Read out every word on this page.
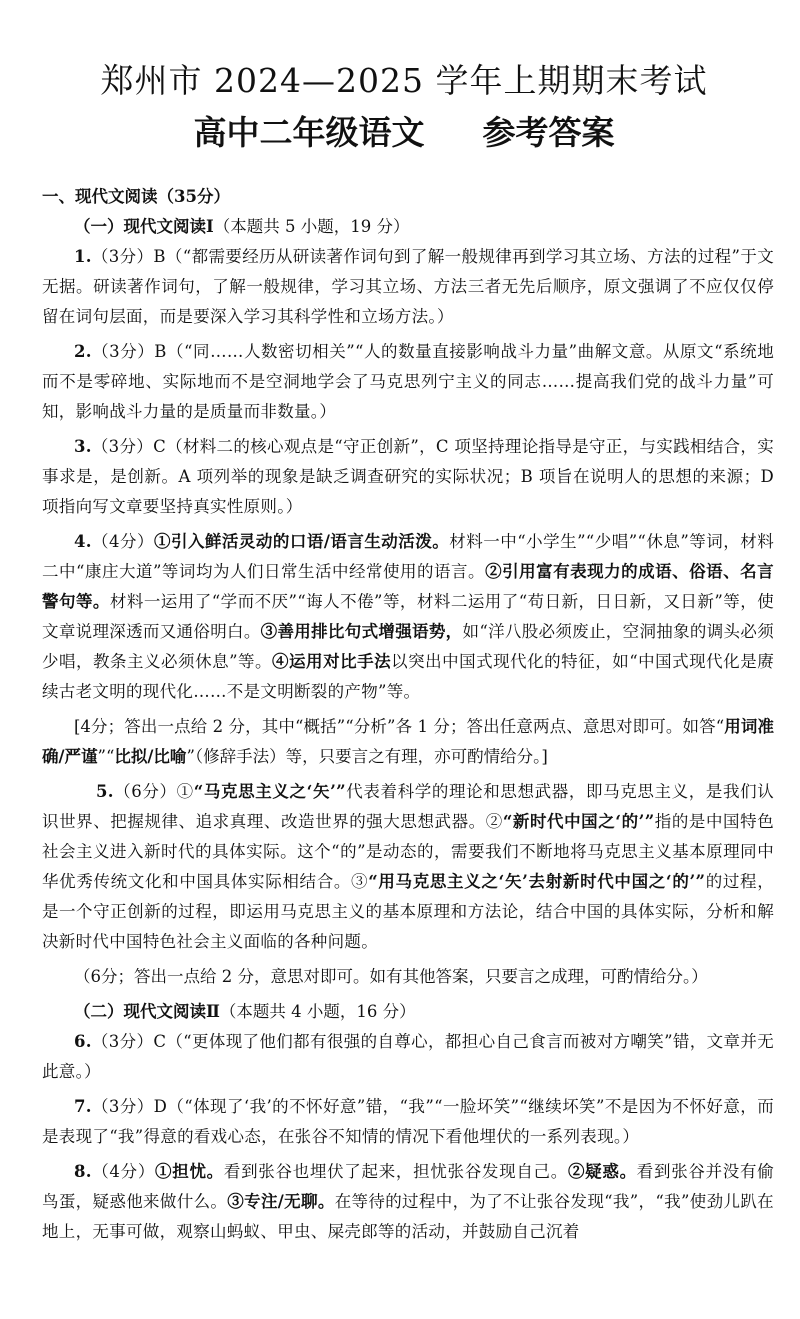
郑州市 2024—2025 学年上期期末考试
高中二年级语文 参考答案

一、现代文阅读（35分）

（一）现代文阅读Ⅰ（本题共 5 小题，19 分）

1.（3分）B（“都需要经历从研读著作词句到了解一般规律再到学习其立场、方法的过程”于文无据。研读著作词句，了解一般规律，学习其立场、方法三者无先后顺序，原文强调了不应仅仅停留在词句层面，而是要深入学习其科学性和立场方法。）

2.（3分）B（“同……人数密切相关”“人的数量直接影响战斗力量”曲解文意。从原文“系统地而不是零碎地、实际地而不是空洞地学会了马克思列宁主义的同志……提高我们党的战斗力量”可知，影响战斗力量的是质量而非数量。）

3.（3分）C（材料二的核心观点是“守正创新”，C 项坚持理论指导是守正，与实践相结合，实事求是，是创新。A 项列举的现象是缺乏调查研究的实际状况；B 项旨在说明人的思想的来源；D 项指向写文章要坚持真实性原则。）

4.（4分）①引入鲜活灵动的口语/语言生动活泼。材料一中“小学生”“少唱”“休息”等词，材料二中“康庄大道”等词均为人们日常生活中经常使用的语言。②引用富有表现力的成语、俗语、名言警句等。材料一运用了“学而不厌”“诲人不倦”等，材料二运用了“苟日新，日日新，又日新”等，使文章说理深透而又通俗明白。③善用排比句式增强语势，如“洋八股必须废止，空洞抽象的调头必须少唱，教条主义必须休息”等。④运用对比手法以突出中国式现代化的特征，如“中国式现代化是赓续古老文明的现代化……不是文明断裂的产物”等。

[4分；答出一点给 2 分，其中“概括”“分析”各 1 分；答出任意两点、意思对即可。如答“用词准确/严谨”“比拟/比喻”（修辞手法）等，只要言之有理，亦可酌情给分。]

5.（6分）①“马克思主义之‘矢’”代表着科学的理论和思想武器，即马克思主义，是我们认识世界、把握规律、追求真理、改造世界的强大思想武器。②“新时代中国之‘的’”指的是中国特色社会主义进入新时代的具体实际。这个“的”是动态的，需要我们不断地将马克思主义基本原理同中华优秀传统文化和中国具体实际相结合。③“用马克思主义之‘矢’去射新时代中国之‘的’”的过程，是一个守正创新的过程，即运用马克思主义的基本原理和方法论，结合中国的具体实际，分析和解决新时代中国特色社会主义面临的各种问题。

（6分；答出一点给 2 分，意思对即可。如有其他答案，只要言之成理，可酌情给分。）

（二）现代文阅读Ⅱ（本题共 4 小题，16 分）

6.（3分）C（“更体现了他们都有很强的自尊心，都担心自己食言而被对方嘲笑”错，文章并无此意。）

7.（3分）D（“体现了‘我’的不怀好意”错，“我”“一脸坏笑”“继续坏笑”不是因为不怀好意，而是表现了“我”得意的看戏心态，在张谷不知情的情况下看他埋伏的一系列表现。）

8.（4分）①担忧。看到张谷也埋伏了起来，担忧张谷发现自己。②疑惑。看到张谷并没有偷鸟蛋，疑惑他来做什么。③专注/无聊。在等待的过程中，为了不让张谷发现“我”，“我”使劲儿趴在地上，无事可做，观察山蚂蚁、甲虫、屎壳郎等的活动，并鼓励自己沉着
